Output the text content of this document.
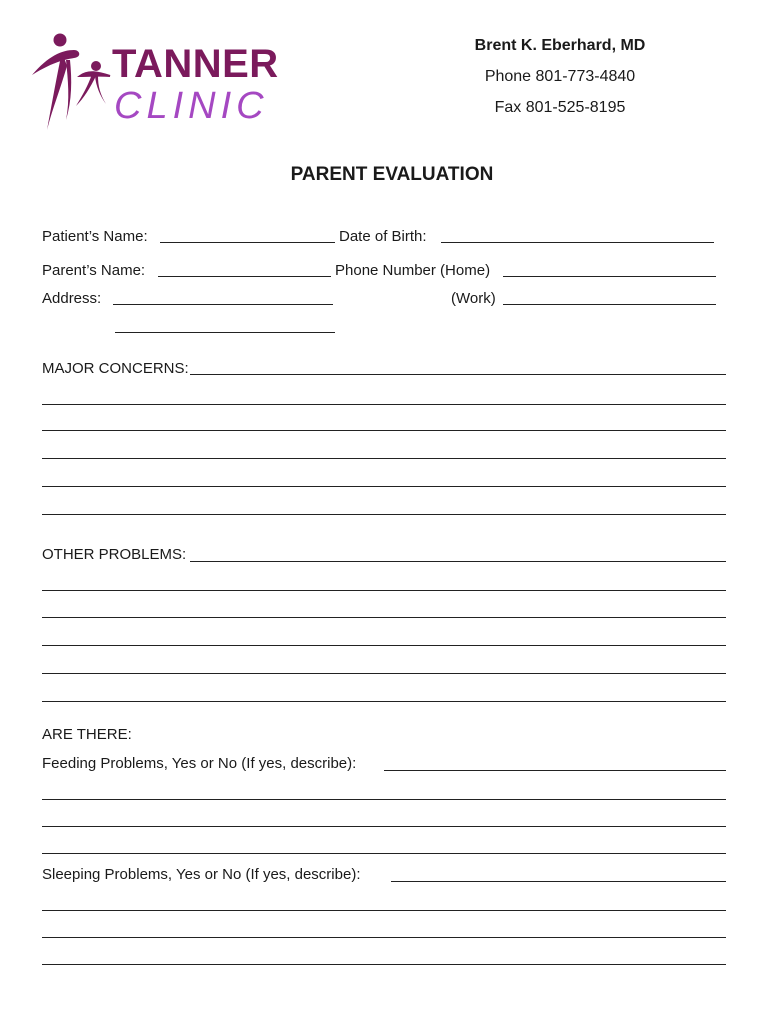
TANNER
CLINIC
Brent K. Eberhard, MD
Phone 801-773-4840
Fax 801-525-8195
PARENT EVALUATION
Patient’s Name:	Date of Birth:
Parent’s Name:	Phone Number (Home)
Address:	(Work)
MAJOR CONCERNS:
OTHER PROBLEMS:
ARE THERE:
Feeding Problems, Yes or No (If yes, describe):
Sleeping Problems, Yes or No (If yes, describe):
